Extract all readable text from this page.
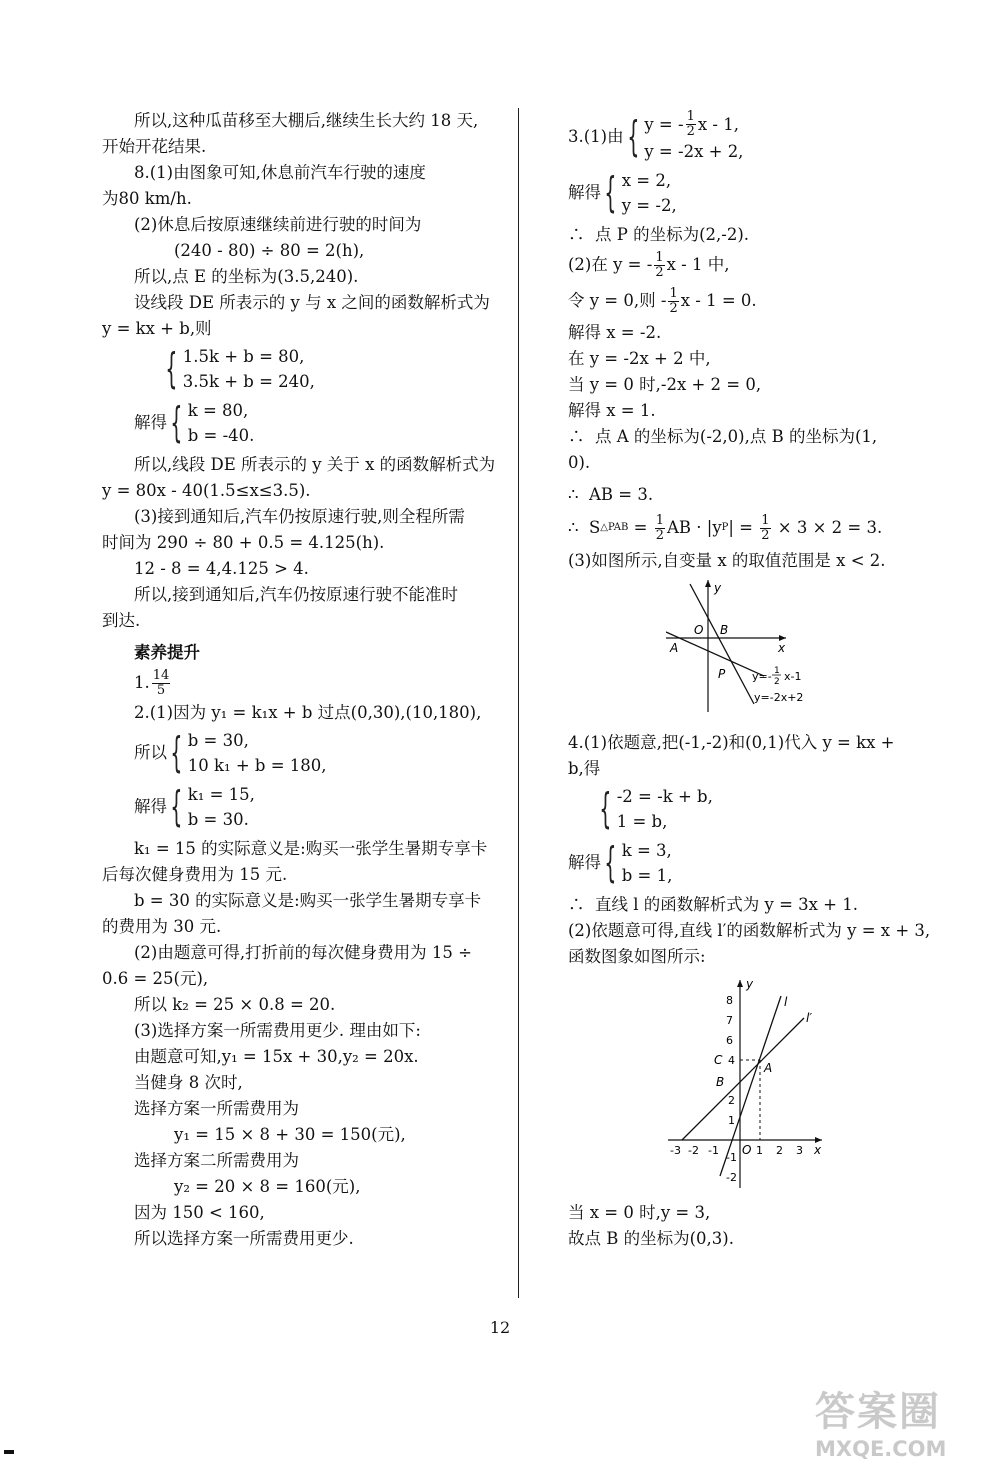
所以,这种瓜苗移至大棚后,继续生长大约 18 天,
开始开花结果.
8.(1)由图象可知,休息前汽车行驶的速度
为80 km/h.
(2)休息后按原速继续前进行驶的时间为
(240 - 80) ÷ 80 = 2(h),
所以,点 E 的坐标为(3.5,240).
设线段 DE 所表示的 y 与 x 之间的函数解析式为
y = kx + b,则
{ 1.5k + b = 80,
3.5k + b = 240,
解得 { k = 80,
b = -40.
所以,线段 DE 所表示的 y 关于 x 的函数解析式为
y = 80x - 40(1.5≤x≤3.5).
(3)接到通知后,汽车仍按原速行驶,则全程所需
时间为 290 ÷ 80 + 0.5 = 4.125(h).
12 - 8 = 4,4.125 > 4.
所以,接到通知后,汽车仍按原速行驶不能准时
到达.
素养提升
1. $\frac{14}{5}$
2.(1)因为 y₁ = k₁x + b 过点(0,30),(10,180),
所以 { b = 30,
10 k₁ + b = 180,
解得 { k₁ = 15,
b = 30.
k₁ = 15 的实际意义是:购买一张学生暑期专享卡
后每次健身费用为 15 元.
b = 30 的实际意义是:购买一张学生暑期专享卡
的费用为 30 元.
(2)由题意可得,打折前的每次健身费用为 15 ÷
0.6 = 25(元),
所以 k₂ = 25 × 0.8 = 20.
(3)选择方案一所需费用更少. 理由如下:
由题意可知,y₁ = 15x + 30,y₂ = 20x.
当健身 8 次时,
选择方案一所需费用为
y₁ = 15 × 8 + 30 = 150(元),
选择方案二所需费用为
y₂ = 20 × 8 = 160(元),
因为 150 < 160,
所以选择方案一所需费用更少.
3.(1)由 { y = - $\frac{1}{2}$ x - 1,
y = -2x + 2,
解得 { x = 2,
y = -2,
∴  点 P 的坐标为(2,-2).
(2)在 y = - $\frac{1}{2}$ x - 1 中,
令 y = 0,则 - $\frac{1}{2}$ x - 1 = 0.
解得 x = -2.
在 y = -2x + 2 中,
当 y = 0 时,-2x + 2 = 0,
解得 x = 1.
∴  点 A 的坐标为(-2,0),点 B 的坐标为(1,
0).
∴  AB = 3.
∴  S △PAB = $\frac{1}{2}$ AB · |y P | = $\frac{1}{2} \times 3 \times 2 = 3$.
(3)如图所示,自变量 x 的取值范围是 x < 2.
y
x
O B
A
P y=- 1
2 x-1
y=-2x+2
4.(1)依题意,把(-1,-2)和(0,1)代入 y = kx +
b,得
{ -2 = -k + b,
1 = b,
解得 { k = 3,
b = 1,
∴  直线 l 的函数解析式为 y = 3x + 1.
(2)依题意可得,直线 l′的函数解析式为 y = x + 3,
函数图象如图所示:
y
x
O
l
l′
A
B
C
8
7
6
4
2
1
-1
-2
-3 -2 -1	1 2 3
当 x = 0 时,y = 3,
故点 B 的坐标为(0,3).
12
答案圈
MXQE.COM
